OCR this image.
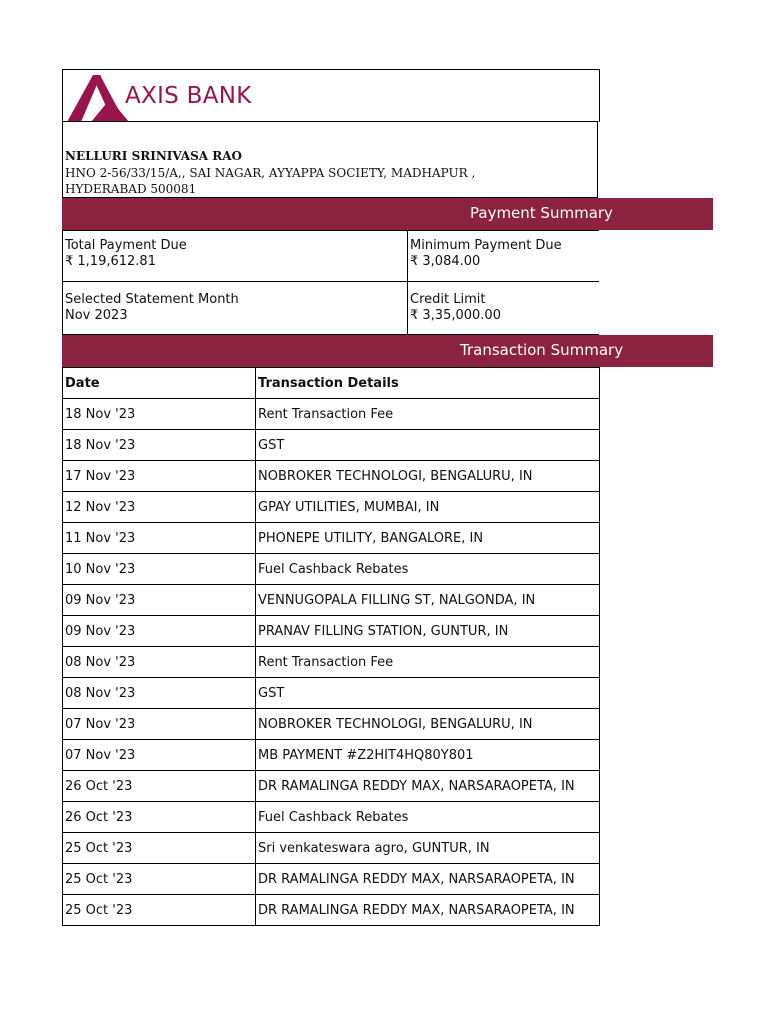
AXIS BANK
NELLURI SRINIVASA RAO
HNO 2-56/33/15/A,, SAI NAGAR, AYYAPPA SOCIETY, MADHAPUR ,
HYDERABAD 500081
Payment Summary
Total Payment Due
₹ 1,19,612.81
Minimum Payment Due
₹ 3,084.00
Selected Statement Month
Nov 2023
Credit Limit
₹ 3,35,000.00
Transaction Summary
Date	Transaction Details
18 Nov '23	Rent Transaction Fee
18 Nov '23	GST
17 Nov '23	NOBROKER TECHNOLOGI, BENGALURU, IN
12 Nov '23	GPAY UTILITIES, MUMBAI, IN
11 Nov '23	PHONEPE UTILITY, BANGALORE, IN
10 Nov '23	Fuel Cashback Rebates
09 Nov '23	VENNUGOPALA FILLING ST, NALGONDA, IN
09 Nov '23	PRANAV FILLING STATION, GUNTUR, IN
08 Nov '23	Rent Transaction Fee
08 Nov '23	GST
07 Nov '23	NOBROKER TECHNOLOGI, BENGALURU, IN
07 Nov '23	MB PAYMENT #Z2HIT4HQ80Y801
26 Oct '23	DR RAMALINGA REDDY MAX, NARSARAOPETA, IN
26 Oct '23	Fuel Cashback Rebates
25 Oct '23	Sri venkateswara agro, GUNTUR, IN
25 Oct '23	DR RAMALINGA REDDY MAX, NARSARAOPETA, IN
25 Oct '23	DR RAMALINGA REDDY MAX, NARSARAOPETA, IN
